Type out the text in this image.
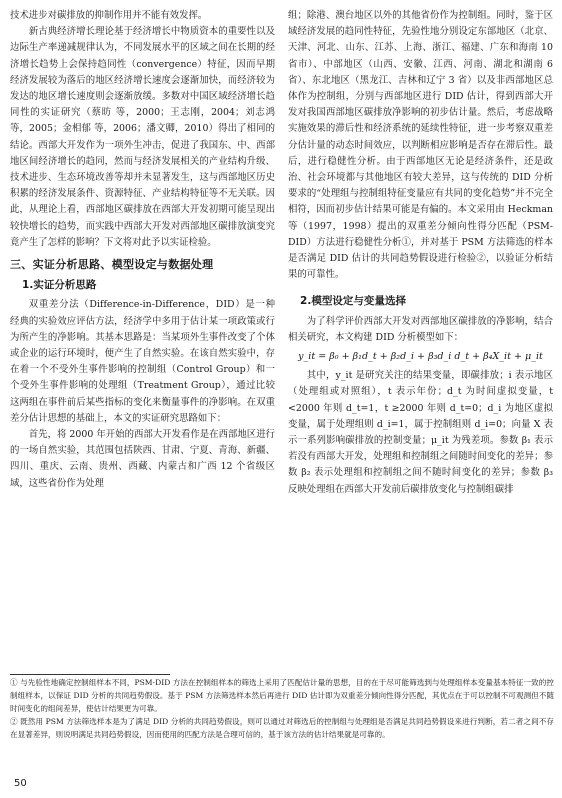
技术进步对碳排放的抑制作用并不能有效发挥。

新古典经济增长理论基于经济增长中物质资本的重要性以及边际生产率递减规律认为，不同发展水平的区域之间在长期的经济增长趋势上会保持趋同性（convergence）特征，因而早期经济发展较为落后的地区经济增长速度会逐渐加快，而经济较为发达的地区增长速度则会逐渐放缓。多数对中国区域经济增长趋同性的实证研究（蔡昉 等，2000；王志刚，2004；刘志鸿 等，2005；金相郁 等，2006；潘文卿，2010）得出了相同的结论。西部大开发作为一项外生冲击，促进了我国东、中、西部地区间经济增长的趋同，然而与经济发展相关的产业结构升级、技术进步、生态环境改善等却并未显著发生，这与西部地区历史积累的经济发展条件、资源特征、产业结构特征等不无关联。因此，从理论上看，西部地区碳排放在西部大开发初期可能呈现出较快增长的趋势，而实践中西部大开发对西部地区碳排放演变究竟产生了怎样的影响？下文将对此予以实证检验。

三、实证分析思路、模型设定与数据处理
1.实证分析思路

双重差分法（Difference-in-Difference，DID）是一种经典的实验效应评估方法，经济学中多用于估计某一项政策或行为所产生的净影响。其基本思路是：当某项外生事件改变了个体或企业的运行环境时，便产生了自然实验。在该自然实验中，存在着一个不受外生事件影响的控制组（Control Group）和一个受外生事件影响的处理组（Treatment Group），通过比较这两组在事件前后某些指标的变化来衡量事件的净影响。在双重差分估计思想的基础上，本文的实证研究思路如下：

首先，将 2000 年开始的西部大开发看作是在西部地区进行的一场自然实验，其范围包括陕西、甘肃、宁夏、青海、新疆、四川、重庆、云南、贵州、西藏、内蒙古和广西 12 个省级区域，这些省份作为处理

组；除港、澳台地区以外的其他省份作为控制组。同时，鉴于区域经济发展的趋同性特征，先验性地分别设定东部地区（北京、天津、河北、山东、江苏、上海、浙江、福建、广东和海南 10 省市）、中部地区（山西、安徽、江西、河南、湖北和湖南 6 省）、东北地区（黑龙江、吉林和辽宁 3 省）以及非西部地区总体作为控制组，分别与西部地区进行 DID 估计，得到西部大开发对我国西部地区碳排放净影响的初步估计量。然后，考虑战略实施效果的滞后性和经济系统的延续性特征，进一步考察双重差分估计量的动态时间效应，以判断相应影响是否存在滞后性。最后，进行稳健性分析。由于西部地区无论是经济条件，还是政治、社会环境都与其他地区有较大差异，这与传统的 DID 分析要求的“处理组与控制组特征变量应有共同的变化趋势”并不完全相符，因而初步估计结果可能是有偏的。本文采用由 Heckman 等（1997，1998）提出的双重差分倾向性得分匹配（PSM-DID）方法进行稳健性分析①，并对基于 PSM 方法筛选的样本是否满足 DID 估计的共同趋势假设进行检验②，以验证分析结果的可靠性。

2.模型设定与变量选择

为了科学评价西部大开发对西部地区碳排放的净影响，结合相关研究，本文构建 DID 分析模型如下：

y_it = β₀ + β₁d_t + β₂d_i + β₃d_i d_t + β₄X_it + μ_it

其中，y_it 是研究关注的结果变量，即碳排放；i 表示地区（处理组或对照组），t 表示年份；d_t 为时间虚拟变量，t <2000 年则 d_t=1，t ≥2000 年则 d_t=0；d_i 为地区虚拟变量，属于处理组则 d_i=1，属于控制组则 d_i=0；向量 X 表示一系列影响碳排放的控制变量；μ_it 为残差项。参数 β₁ 表示若没有西部大开发，处理组和控制组之间随时间变化的差异；参数 β₂ 表示处理组和控制组之间不随时间变化的差异；参数 β₃ 反映处理组在西部大开发前后碳排放变化与控制组碳排

① 与先验性地确定控制组样本不同，PSM-DID 方法在控制组样本的筛选上采用了匹配估计量的思想，目的在于尽可能筛选到与处理组样本变量基本特征一致的控制组样本，以保证 DID 分析的共同趋势假设。基于 PSM 方法筛选样本然后再进行 DID 估计即为双重差分倾向性得分匹配，其优点在于可以控制不可观测但不随时间变化的组间差异，使估计结果更为可靠。

② 既然用 PSM 方法筛选样本是为了满足 DID 分析的共同趋势假设，则可以通过对筛选后的控制组与处理组是否满足共同趋势假设来进行判断，若二者之间不存在显著差异，则说明满足共同趋势假设，因而使用的匹配方法是合理可信的，基于该方法的估计结果就是可靠的。

50
